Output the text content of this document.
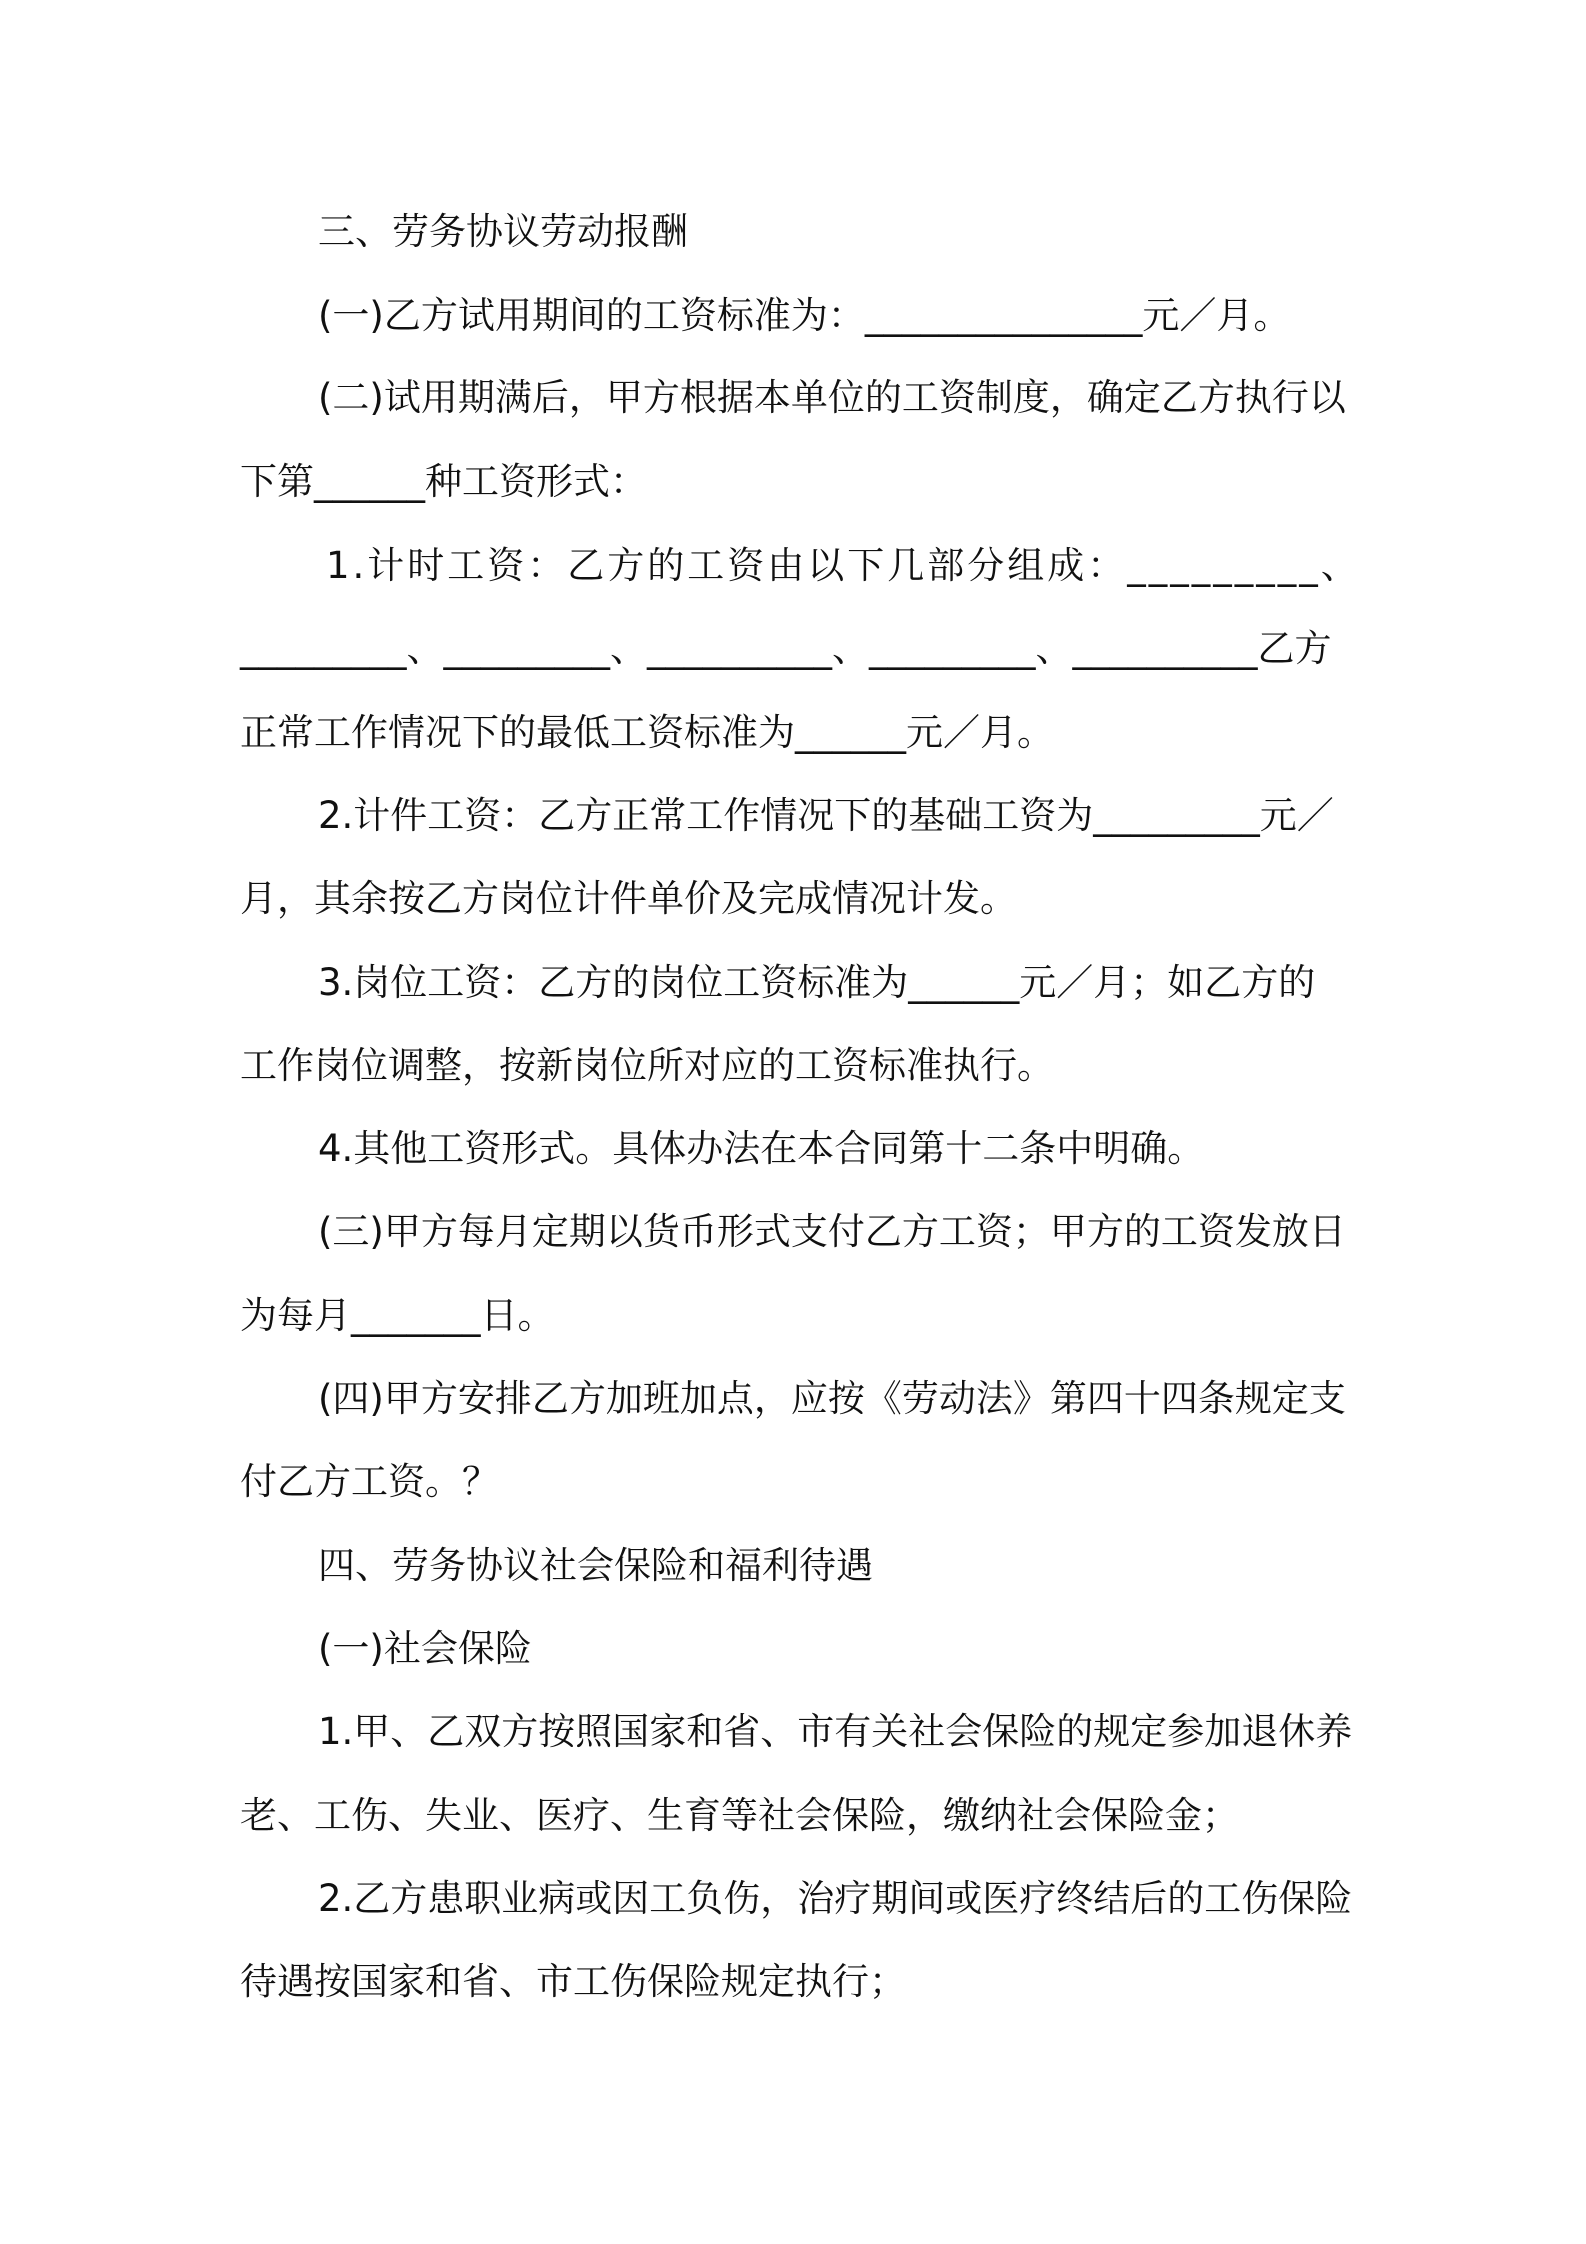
三、劳务协议劳动报酬
(一)乙方试用期间的工资标准为：_______________元／月。
(二)试用期满后，甲方根据本单位的工资制度，确定乙方执行以
下第______种工资形式：
1.计时工资：乙方的工资由以下几部分组成：_________、
_________、_________、__________、_________、__________乙方
正常工作情况下的最低工资标准为______元／月。
2.计件工资：乙方正常工作情况下的基础工资为_________元／
月，其余按乙方岗位计件单价及完成情况计发。
3.岗位工资：乙方的岗位工资标准为______元／月；如乙方的
工作岗位调整，按新岗位所对应的工资标准执行。
4.其他工资形式。具体办法在本合同第十二条中明确。
(三)甲方每月定期以货币形式支付乙方工资；甲方的工资发放日
为每月_______日。
(四)甲方安排乙方加班加点，应按《劳动法》第四十四条规定支
付乙方工资。？
四、劳务协议社会保险和福利待遇
(一)社会保险
1.甲、乙双方按照国家和省、市有关社会保险的规定参加退休养
老、工伤、失业、医疗、生育等社会保险，缴纳社会保险金；
2.乙方患职业病或因工负伤，治疗期间或医疗终结后的工伤保险
待遇按国家和省、市工伤保险规定执行；
